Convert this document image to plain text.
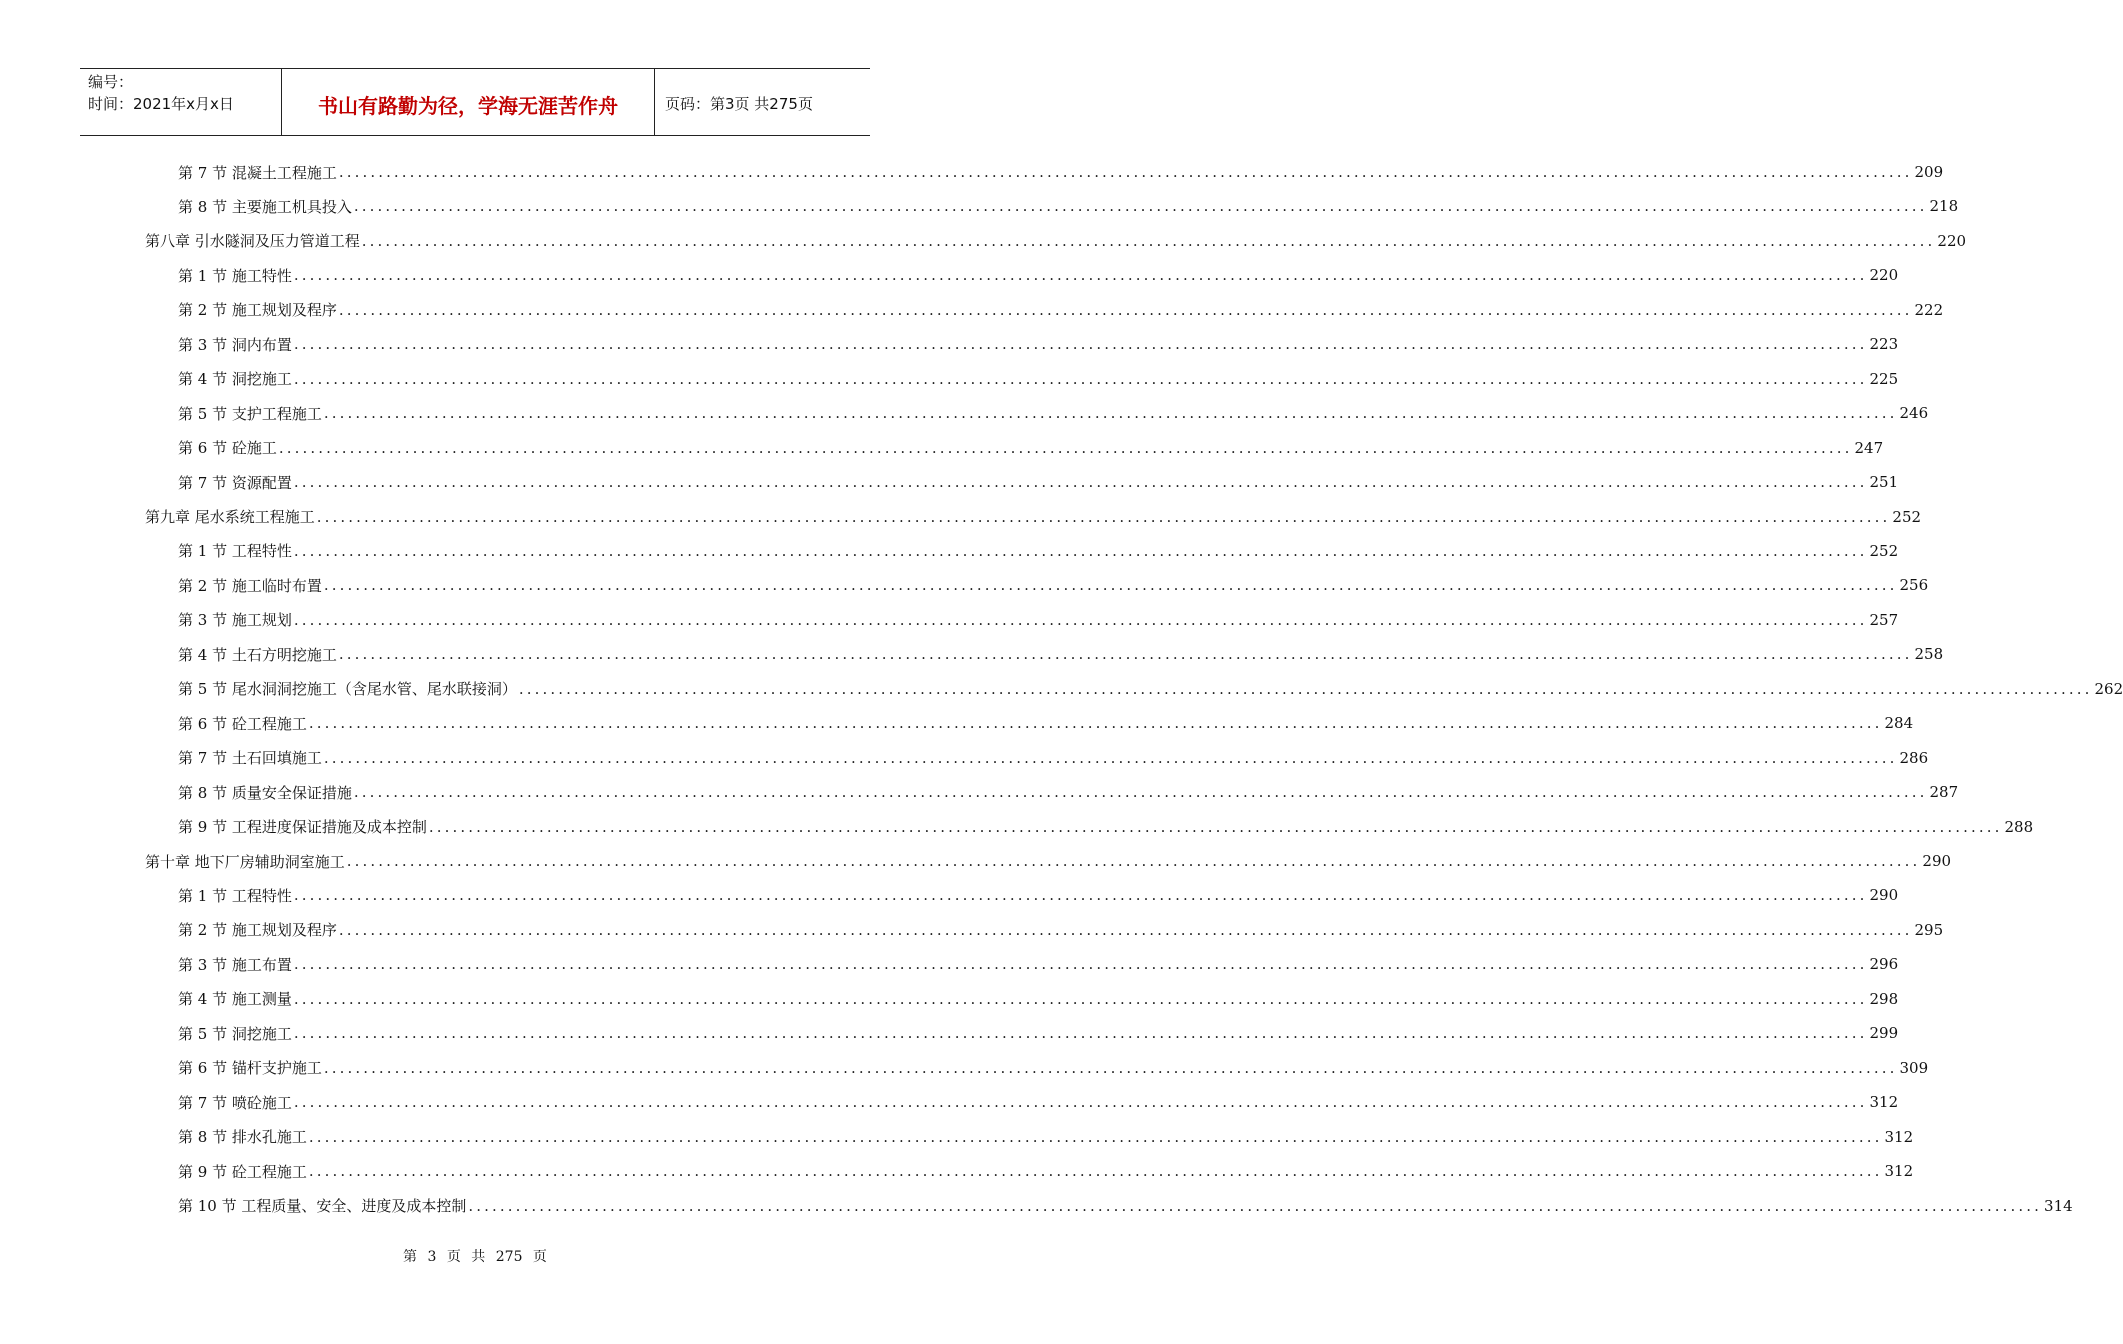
编号：
时间：2021年x月x日	书山有路勤为径，学海无涯苦作舟	页码：第3页 共275页
第 7 节 混凝土工程施工 ........................................................................................................................................................................................................ 209
第 8 节 主要施工机具投入 ........................................................................................................................................................................................................ 218
第八章 引水隧洞及压力管道工程 ........................................................................................................................................................................................................ 220
第 1 节 施工特性 ........................................................................................................................................................................................................ 220
第 2 节 施工规划及程序 ........................................................................................................................................................................................................ 222
第 3 节 洞内布置 ........................................................................................................................................................................................................ 223
第 4 节 洞挖施工 ........................................................................................................................................................................................................ 225
第 5 节 支护工程施工 ........................................................................................................................................................................................................ 246
第 6 节 砼施工 ........................................................................................................................................................................................................ 247
第 7 节 资源配置 ........................................................................................................................................................................................................ 251
第九章 尾水系统工程施工 ........................................................................................................................................................................................................ 252
第 1 节 工程特性 ........................................................................................................................................................................................................ 252
第 2 节 施工临时布置 ........................................................................................................................................................................................................ 256
第 3 节 施工规划 ........................................................................................................................................................................................................ 257
第 4 节 土石方明挖施工 ........................................................................................................................................................................................................ 258
第 5 节 尾水洞洞挖施工（含尾水管、尾水联接洞） ........................................................................................................................................................................................................ 262
第 6 节 砼工程施工 ........................................................................................................................................................................................................ 284
第 7 节 土石回填施工 ........................................................................................................................................................................................................ 286
第 8 节 质量安全保证措施 ........................................................................................................................................................................................................ 287
第 9 节 工程进度保证措施及成本控制 ........................................................................................................................................................................................................ 288
第十章 地下厂房辅助洞室施工 ........................................................................................................................................................................................................ 290
第 1 节 工程特性 ........................................................................................................................................................................................................ 290
第 2 节 施工规划及程序 ........................................................................................................................................................................................................ 295
第 3 节 施工布置 ........................................................................................................................................................................................................ 296
第 4 节 施工测量 ........................................................................................................................................................................................................ 298
第 5 节 洞挖施工 ........................................................................................................................................................................................................ 299
第 6 节 锚杆支护施工 ........................................................................................................................................................................................................ 309
第 7 节 喷砼施工 ........................................................................................................................................................................................................ 312
第 8 节 排水孔施工 ........................................................................................................................................................................................................ 312
第 9 节 砼工程施工 ........................................................................................................................................................................................................ 312
第 10 节 工程质量、安全、进度及成本控制 ........................................................................................................................................................................................................ 314
第 3 页 共 275 页
